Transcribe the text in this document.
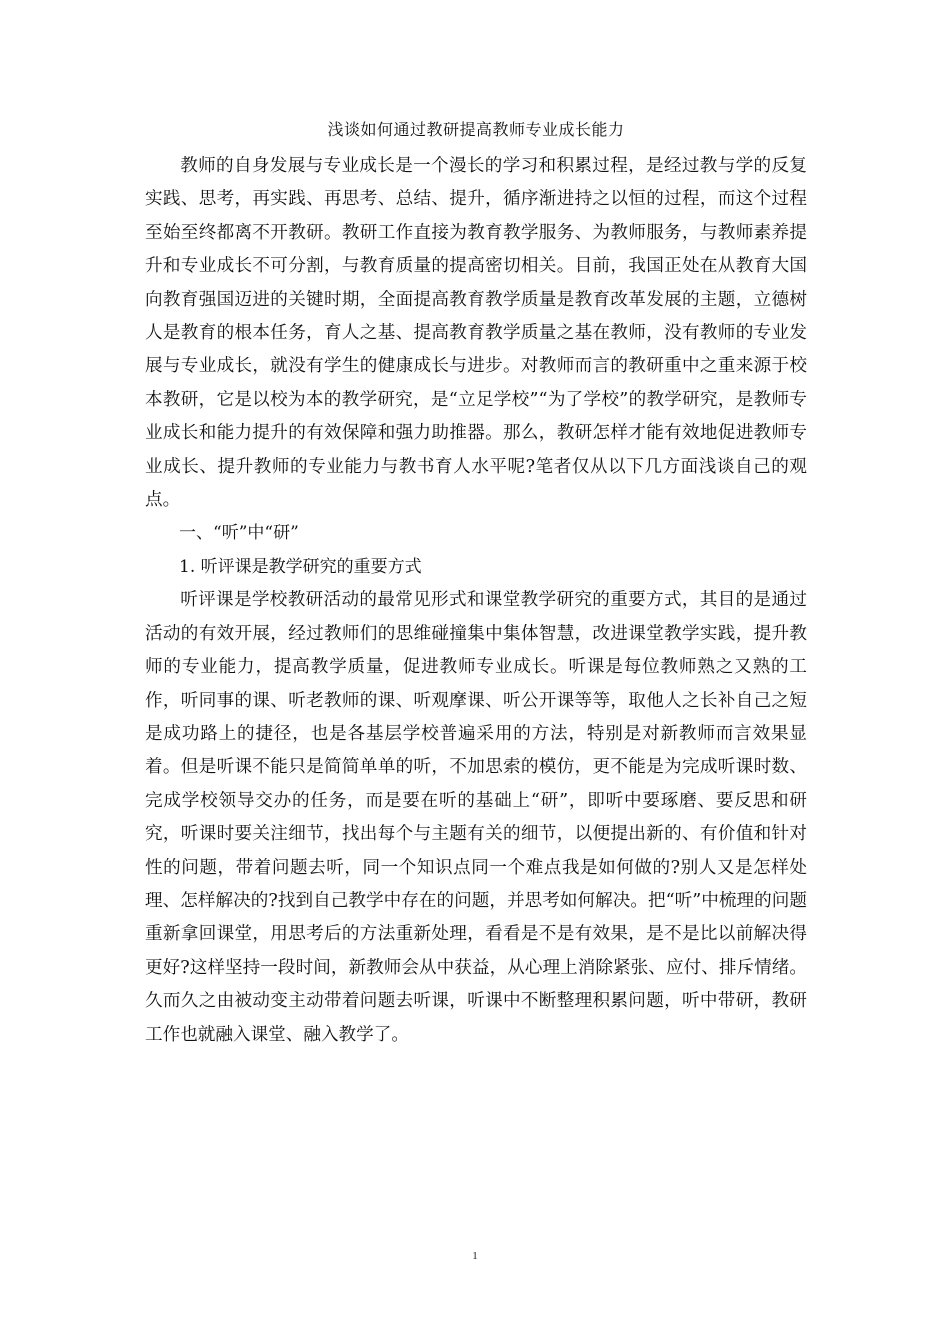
浅谈如何通过教研提高教师专业成长能力

教师的自身发展与专业成长是一个漫长的学习和积累过程，是经过教与学的反复实践、思考，再实践、再思考、总结、提升，循序渐进持之以恒的过程，而这个过程至始至终都离不开教研。教研工作直接为教育教学服务、为教师服务，与教师素养提升和专业成长不可分割，与教育质量的提高密切相关。目前，我国正处在从教育大国向教育强国迈进的关键时期，全面提高教育教学质量是教育改革发展的主题，立德树人是教育的根本任务，育人之基、提高教育教学质量之基在教师，没有教师的专业发展与专业成长，就没有学生的健康成长与进步。对教师而言的教研重中之重来源于校本教研，它是以校为本的教学研究，是“立足学校”“为了学校”的教学研究，是教师专业成长和能力提升的有效保障和强力助推器。那么，教研怎样才能有效地促进教师专业成长、提升教师的专业能力与教书育人水平呢?笔者仅从以下几方面浅谈自己的观点。

一、“听”中“研”

1. 听评课是教学研究的重要方式

听评课是学校教研活动的最常见形式和课堂教学研究的重要方式，其目的是通过活动的有效开展，经过教师们的思维碰撞集中集体智慧，改进课堂教学实践，提升教师的专业能力，提高教学质量，促进教师专业成长。听课是每位教师熟之又熟的工作，听同事的课、听老教师的课、听观摩课、听公开课等等，取他人之长补自己之短是成功路上的捷径，也是各基层学校普遍采用的方法，特别是对新教师而言效果显着。但是听课不能只是简简单单的听，不加思索的模仿，更不能是为完成听课时数、完成学校领导交办的任务，而是要在听的基础上“研”，即听中要琢磨、要反思和研究，听课时要关注细节，找出每个与主题有关的细节，以便提出新的、有价值和针对性的问题，带着问题去听，同一个知识点同一个难点我是如何做的?别人又是怎样处理、怎样解决的?找到自己教学中存在的问题，并思考如何解决。把“听”中梳理的问题重新拿回课堂，用思考后的方法重新处理，看看是不是有效果，是不是比以前解决得更好?这样坚持一段时间，新教师会从中获益，从心理上消除紧张、应付、排斥情绪。久而久之由被动变主动带着问题去听课，听课中不断整理积累问题，听中带研，教研工作也就融入课堂、融入教学了。

1
